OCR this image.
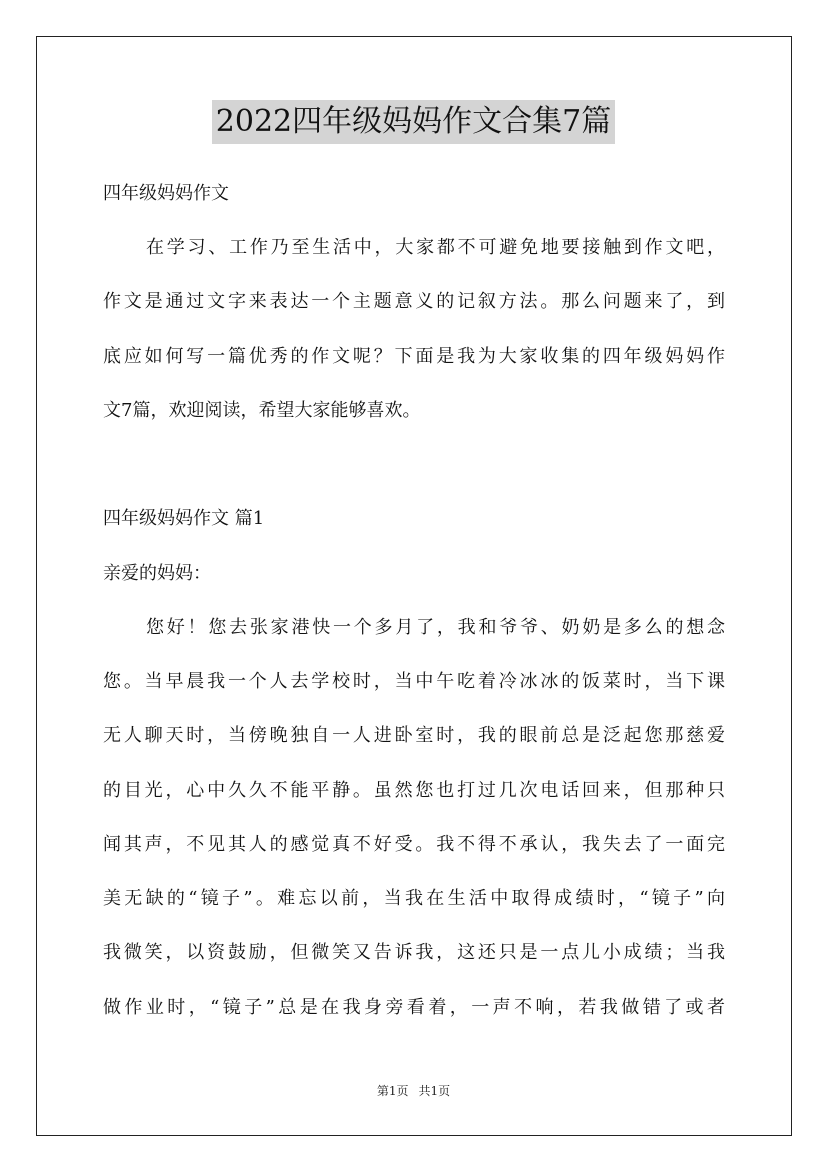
2022四年级妈妈作文合集7篇
四年级妈妈作文
在学习、工作乃至生活中，大家都不可避免地要接触到作文吧，
作文是通过文字来表达一个主题意义的记叙方法。那么问题来了，到
底应如何写一篇优秀的作文呢？下面是我为大家收集的四年级妈妈作
文7篇，欢迎阅读，希望大家能够喜欢。
四年级妈妈作文 篇1
亲爱的妈妈：
您好！您去张家港快一个多月了，我和爷爷、奶奶是多么的想念
您。当早晨我一个人去学校时，当中午吃着冷冰冰的饭菜时，当下课
无人聊天时，当傍晚独自一人进卧室时，我的眼前总是泛起您那慈爱
的目光，心中久久不能平静。虽然您也打过几次电话回来，但那种只
闻其声，不见其人的感觉真不好受。我不得不承认，我失去了一面完
美无缺的“镜子”。难忘以前，当我在生活中取得成绩时，“镜子”向
我微笑，以资鼓励，但微笑又告诉我，这还只是一点儿小成绩；当我
做作业时，“镜子”总是在我身旁看着，一声不响，若我做错了或者
第1页 共1页
